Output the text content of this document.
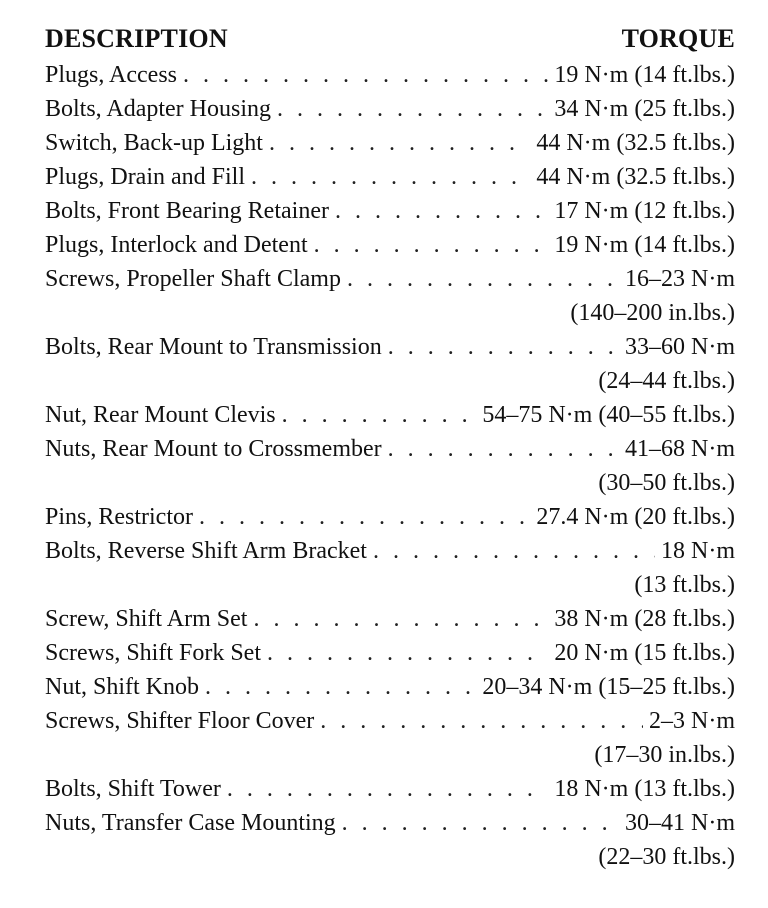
DESCRIPTION	TORQUE
Plugs, Access . . .	19 N·m (14 ft.lbs.)
Bolts, Adapter Housing . . .	34 N·m (25 ft.lbs.)
Switch, Back-up Light . . .	44 N·m (32.5 ft.lbs.)
Plugs, Drain and Fill . . .	44 N·m (32.5 ft.lbs.)
Bolts, Front Bearing Retainer . . .	17 N·m (12 ft.lbs.)
Plugs, Interlock and Detent . . .	19 N·m (14 ft.lbs.)
Screws, Propeller Shaft Clamp . . .	16–23 N·m
(140–200 in.lbs.)
Bolts, Rear Mount to Transmission . . .	33–60 N·m
(24–44 ft.lbs.)
Nut, Rear Mount Clevis . . .	54–75 N·m (40–55 ft.lbs.)
Nuts, Rear Mount to Crossmember . . .	41–68 N·m
(30–50 ft.lbs.)
Pins, Restrictor . . .	27.4 N·m (20 ft.lbs.)
Bolts, Reverse Shift Arm Bracket . . .	18 N·m
(13 ft.lbs.)
Screw, Shift Arm Set . . .	38 N·m (28 ft.lbs.)
Screws, Shift Fork Set . . .	20 N·m (15 ft.lbs.)
Nut, Shift Knob . . .	20–34 N·m (15–25 ft.lbs.)
Screws, Shifter Floor Cover . . .	2–3 N·m
(17–30 in.lbs.)
Bolts, Shift Tower . . .	18 N·m (13 ft.lbs.)
Nuts, Transfer Case Mounting . . .	30–41 N·m
(22–30 ft.lbs.)
